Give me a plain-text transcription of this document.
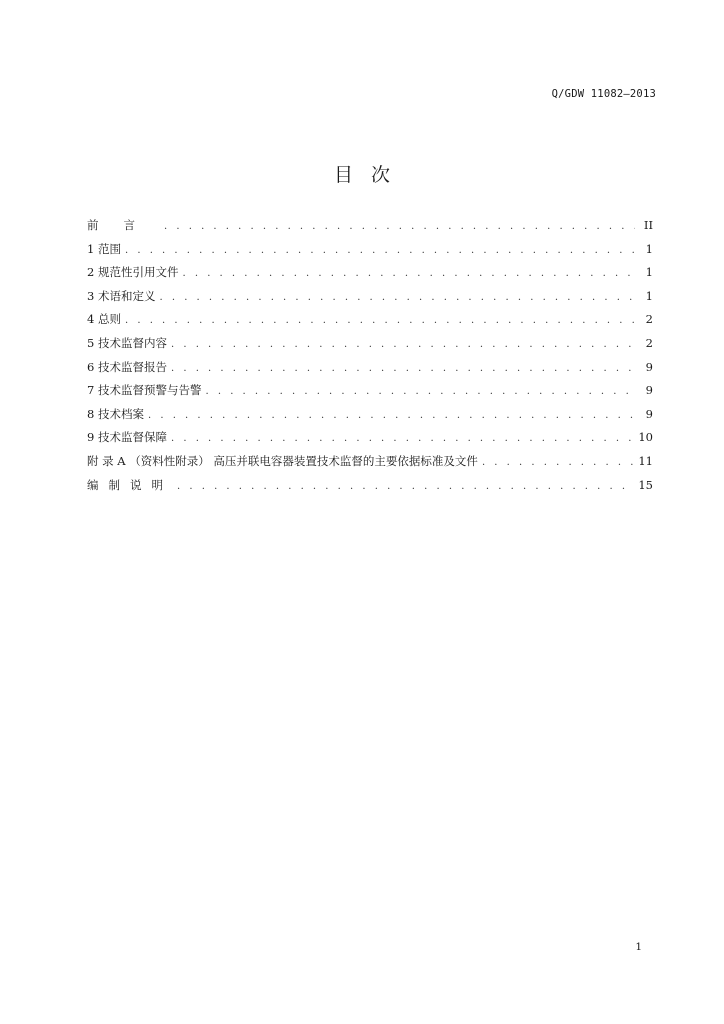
Q/GDW 11082—2013
目次
前言 . . .	II
1 范围 . . .	1
2 规范性引用文件 . . .	1
3 术语和定义 . . .	1
4 总则 . . .	2
5 技术监督内容 . . .	2
6 技术监督报告 . . .	9
7 技术监督预警与告警 . . .	9
8 技术档案 . . .	9
9 技术监督保障 . . .	10
附 录 A （资料性附录） 高压并联电容器装置技术监督的主要依据标准及文件 . . .	11
编制说明 . . .	15
1
